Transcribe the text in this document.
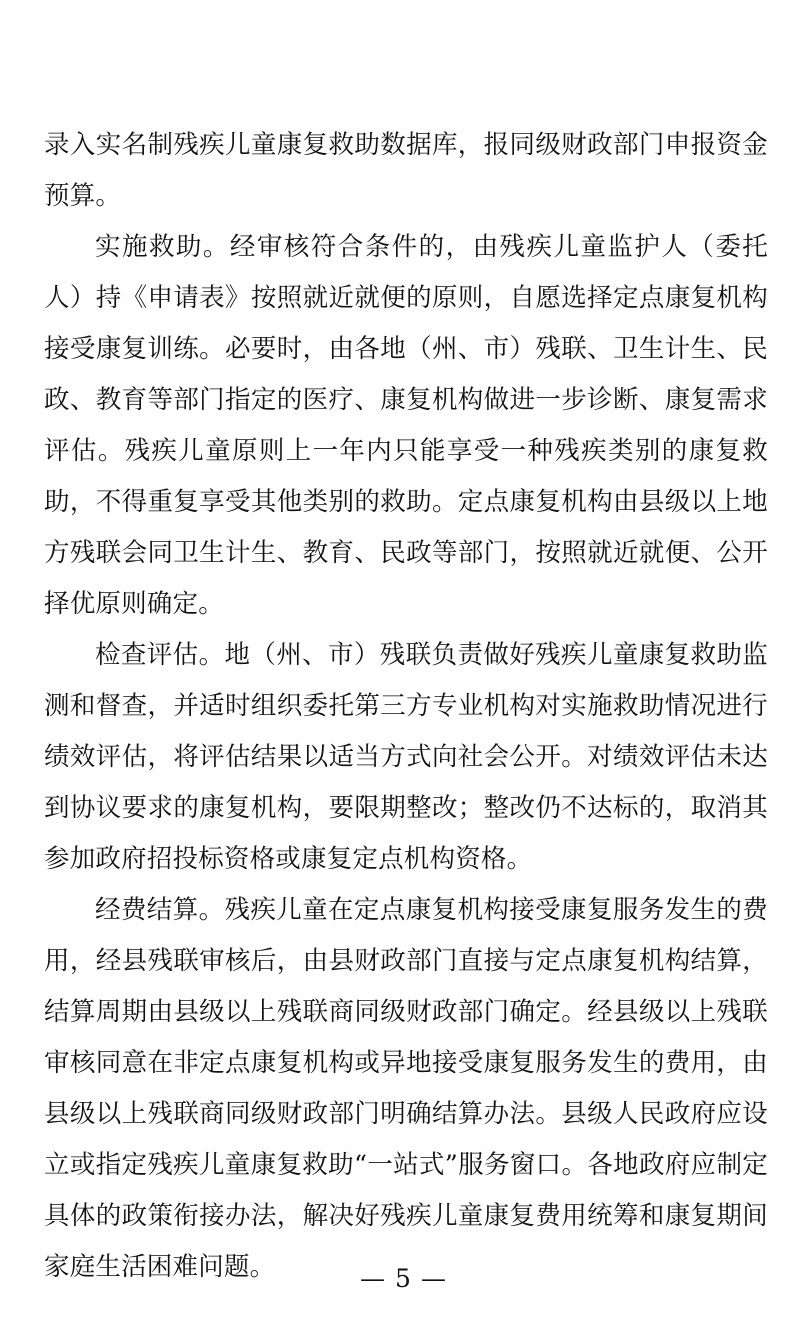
录入实名制残疾儿童康复救助数据库，报同级财政部门申报资金预算。

实施救助。经审核符合条件的，由残疾儿童监护人（委托人）持《申请表》按照就近就便的原则，自愿选择定点康复机构接受康复训练。必要时，由各地（州、市）残联、卫生计生、民政、教育等部门指定的医疗、康复机构做进一步诊断、康复需求评估。残疾儿童原则上一年内只能享受一种残疾类别的康复救助，不得重复享受其他类别的救助。定点康复机构由县级以上地方残联会同卫生计生、教育、民政等部门，按照就近就便、公开择优原则确定。

检查评估。地（州、市）残联负责做好残疾儿童康复救助监测和督查，并适时组织委托第三方专业机构对实施救助情况进行绩效评估，将评估结果以适当方式向社会公开。对绩效评估未达到协议要求的康复机构，要限期整改；整改仍不达标的，取消其参加政府招投标资格或康复定点机构资格。

经费结算。残疾儿童在定点康复机构接受康复服务发生的费用，经县残联审核后，由县财政部门直接与定点康复机构结算，结算周期由县级以上残联商同级财政部门确定。经县级以上残联审核同意在非定点康复机构或异地接受康复服务发生的费用，由县级以上残联商同级财政部门明确结算办法。县级人民政府应设立或指定残疾儿童康复救助“一站式”服务窗口。各地政府应制定具体的政策衔接办法，解决好残疾儿童康复费用统筹和康复期间家庭生活困难问题。	— 5 —
